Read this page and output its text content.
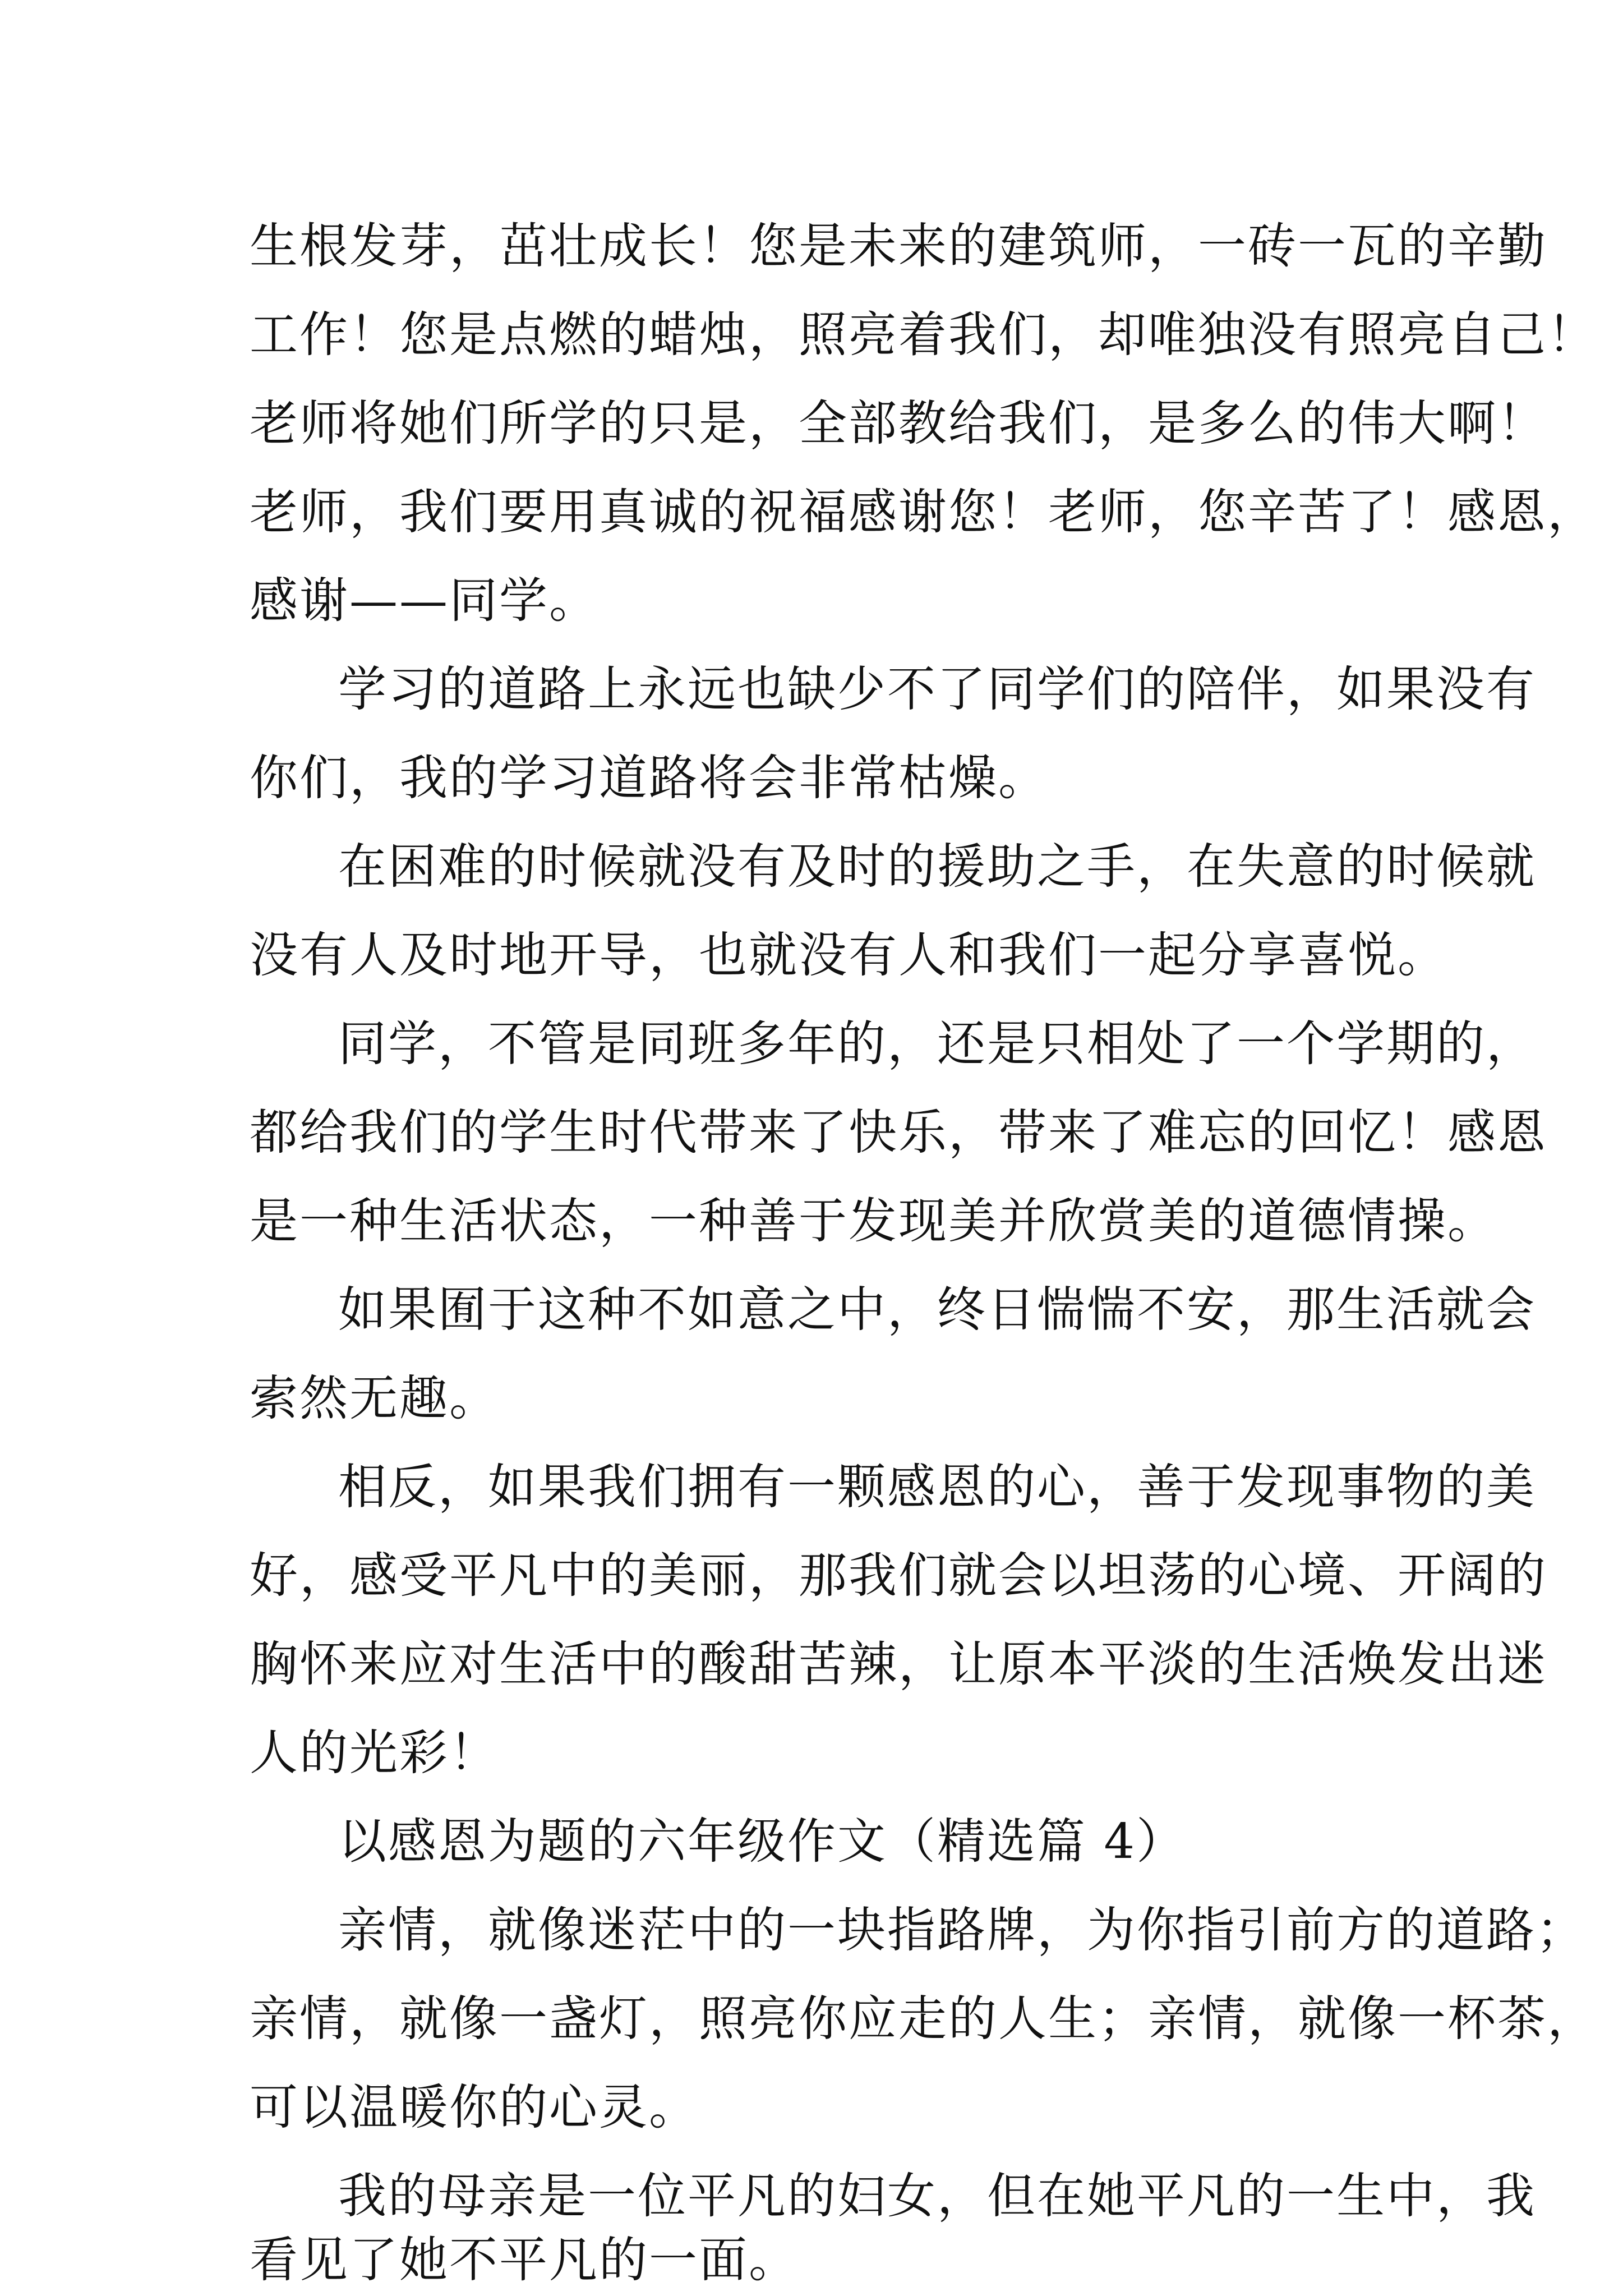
生根发芽，茁壮成长！您是未来的建筑师，一砖一瓦的辛勤
工作！您是点燃的蜡烛，照亮着我们，却唯独没有照亮自己！
老师将她们所学的只是，全部教给我们，是多么的伟大啊！
老师，我们要用真诚的祝福感谢您！老师，您辛苦了！感恩，
感谢——同学。
学习的道路上永远也缺少不了同学们的陪伴，如果没有
你们，我的学习道路将会非常枯燥。
在困难的时候就没有及时的援助之手，在失意的时候就
没有人及时地开导，也就没有人和我们一起分享喜悦。
同学，不管是同班多年的，还是只相处了一个学期的，
都给我们的学生时代带来了快乐，带来了难忘的回忆！感恩
是一种生活状态，一种善于发现美并欣赏美的道德情操。
如果囿于这种不如意之中，终日惴惴不安，那生活就会
索然无趣。
相反，如果我们拥有一颗感恩的心，善于发现事物的美
好，感受平凡中的美丽，那我们就会以坦荡的心境、开阔的
胸怀来应对生活中的酸甜苦辣，让原本平淡的生活焕发出迷
人的光彩！
以感恩为题的六年级作文（精选篇 4）
亲情，就像迷茫中的一块指路牌，为你指引前方的道路；
亲情，就像一盏灯，照亮你应走的人生；亲情，就像一杯茶，
可以温暖你的心灵。
我的母亲是一位平凡的妇女，但在她平凡的一生中，我
看见了她不平凡的一面。
